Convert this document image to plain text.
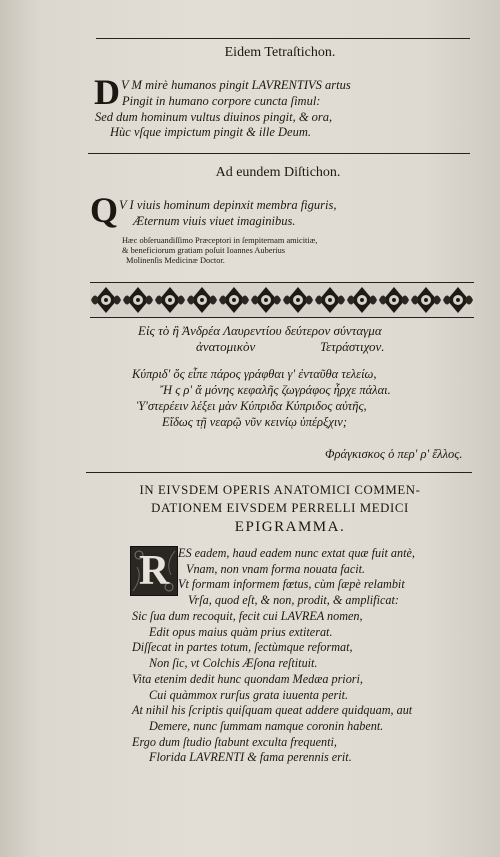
Eidem Tetraſtichon.
D V M mirè humanos pingit LAVRENTIVS artus
Pingit in humano corpore cuncta ſimul:
Sed dum hominum vultus diuinos pingit, & ora,
Hùc vſque impictum pingit & ille Deum.
Ad eundem Diſtichon.
Q V I viuis hominum depinxit membra figuris,
Æternum viuis viuet imaginibus.
Hæc obſeruandiſſimo Præceptori in ſempiternam amicitiæ,
& beneficiorum gratiam poſuit Ioannes Auberius
Molinenſis Medicinæ Doctor.
Εἰς τὸ ἢ Ἀνδρέα Λαυρεντίου δεύτερον σύνταγμα
ἀνατομικὸν	Τετράστιχον.
Κύπριδ' ὅς εἶπε πάρος γράφθαι γ' ἐνταῦθα τελείω,
Ἤ ς ρ' ἄ μόνης κεφαλῆς ζωγράφος ἦρχε πάλαι.
Ὑ'στερέειν λέξει μὰν Κύπριδα Κύπριδος αὐτῆς,
Εἴδως τῇ νεαρῷ νῦν κεινίῳ ὑπέρξχιν;
Φράγκισκος ὁ περ' ρ' ἔλλος.
IN EIVSDEM OPERIS ANATOMICI COMMEN-
DATIONEM EIVSDEM PERRELLI MEDICI
EPIGRAMMA.
R ES eadem, haud eadem nunc extat quæ fuit antè,
Vnam, non vnam forma nouata facit.
Vt formam informem fœtus, cùm ſæpè relambit
Vrſa, quod eſt, & non, prodit, & amplificat:
Sic ſua dum recoquit, fecit cui LAVREA nomen,
Edit opus maius quàm prius extiterat.
Diſſecat in partes totum, ſectùmque reformat,
Non ſic, vt Colchis Æſona reſtituit.
Vita etenim dedit hunc quondam Medæa priori,
Cui quàmmox rurſus grata iuuenta perit.
At nihil his ſcriptis quiſquam queat addere quidquam, aut
Demere, nunc ſummam namque coronin habent.
Ergo dum ſtudio ſtabunt exculta frequenti,
Florida LAVRENTI & fama perennis erit.
